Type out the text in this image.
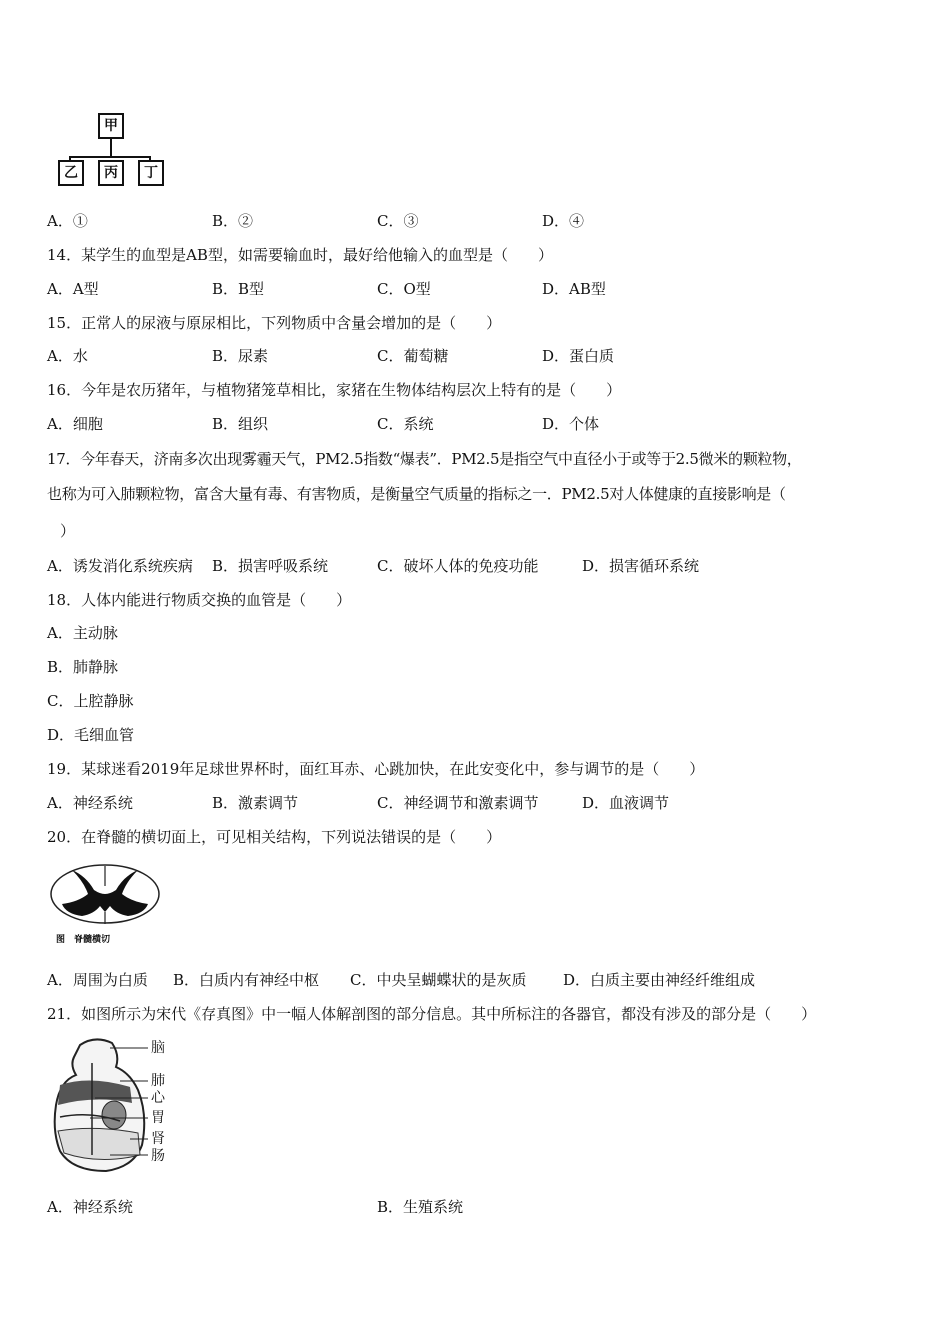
甲
乙	丙	丁
A．①	B．②	C．③	D．④
14．某学生的血型是AB型，如需要输血时，最好给他输入的血型是（　　）
A．A型	B．B型	C．O型	D．AB型
15．正常人的尿液与原尿相比，下列物质中含量会增加的是（　　）
A．水	B．尿素	C．葡萄糖	D．蛋白质
16．今年是农历猪年，与植物猪笼草相比，家猪在生物体结构层次上特有的是（　　）
A．细胞	B．组织	C．系统	D．个体
17．今年春天，济南多次出现雾霾天气，PM2.5指数“爆表”．PM2.5是指空气中直径小于或等于2.5微米的颗粒物，
也称为可入肺颗粒物，富含大量有毒、有害物质，是衡量空气质量的指标之一．PM2.5对人体健康的直接影响是（
）
A．诱发消化系统疾病 B．损害呼吸系统	C．破坏人体的免疫功能	D．损害循环系统
18．人体内能进行物质交换的血管是（　　）
A．主动脉
B．肺静脉
C．上腔静脉
D．毛细血管
19．某球迷看2019年足球世界杯时，面红耳赤、心跳加快，在此安变化中，参与调节的是（　　）
A．神经系统	B．激素调节	C．神经调节和激素调节	D．血液调节
20．在脊髓的横切面上，可见相关结构，下列说法错误的是（　　）
图　脊髓横切
A．周围为白质 B．白质内有神经中枢 C．中央呈蝴蝶状的是灰质 D．白质主要由神经纤维组成
21．如图所示为宋代《存真图》中一幅人体解剖图的部分信息。其中所标注的各器官，都没有涉及的部分是（　　）
脑
肺
心
胃
肾
肠
A．神经系统	B．生殖系统
